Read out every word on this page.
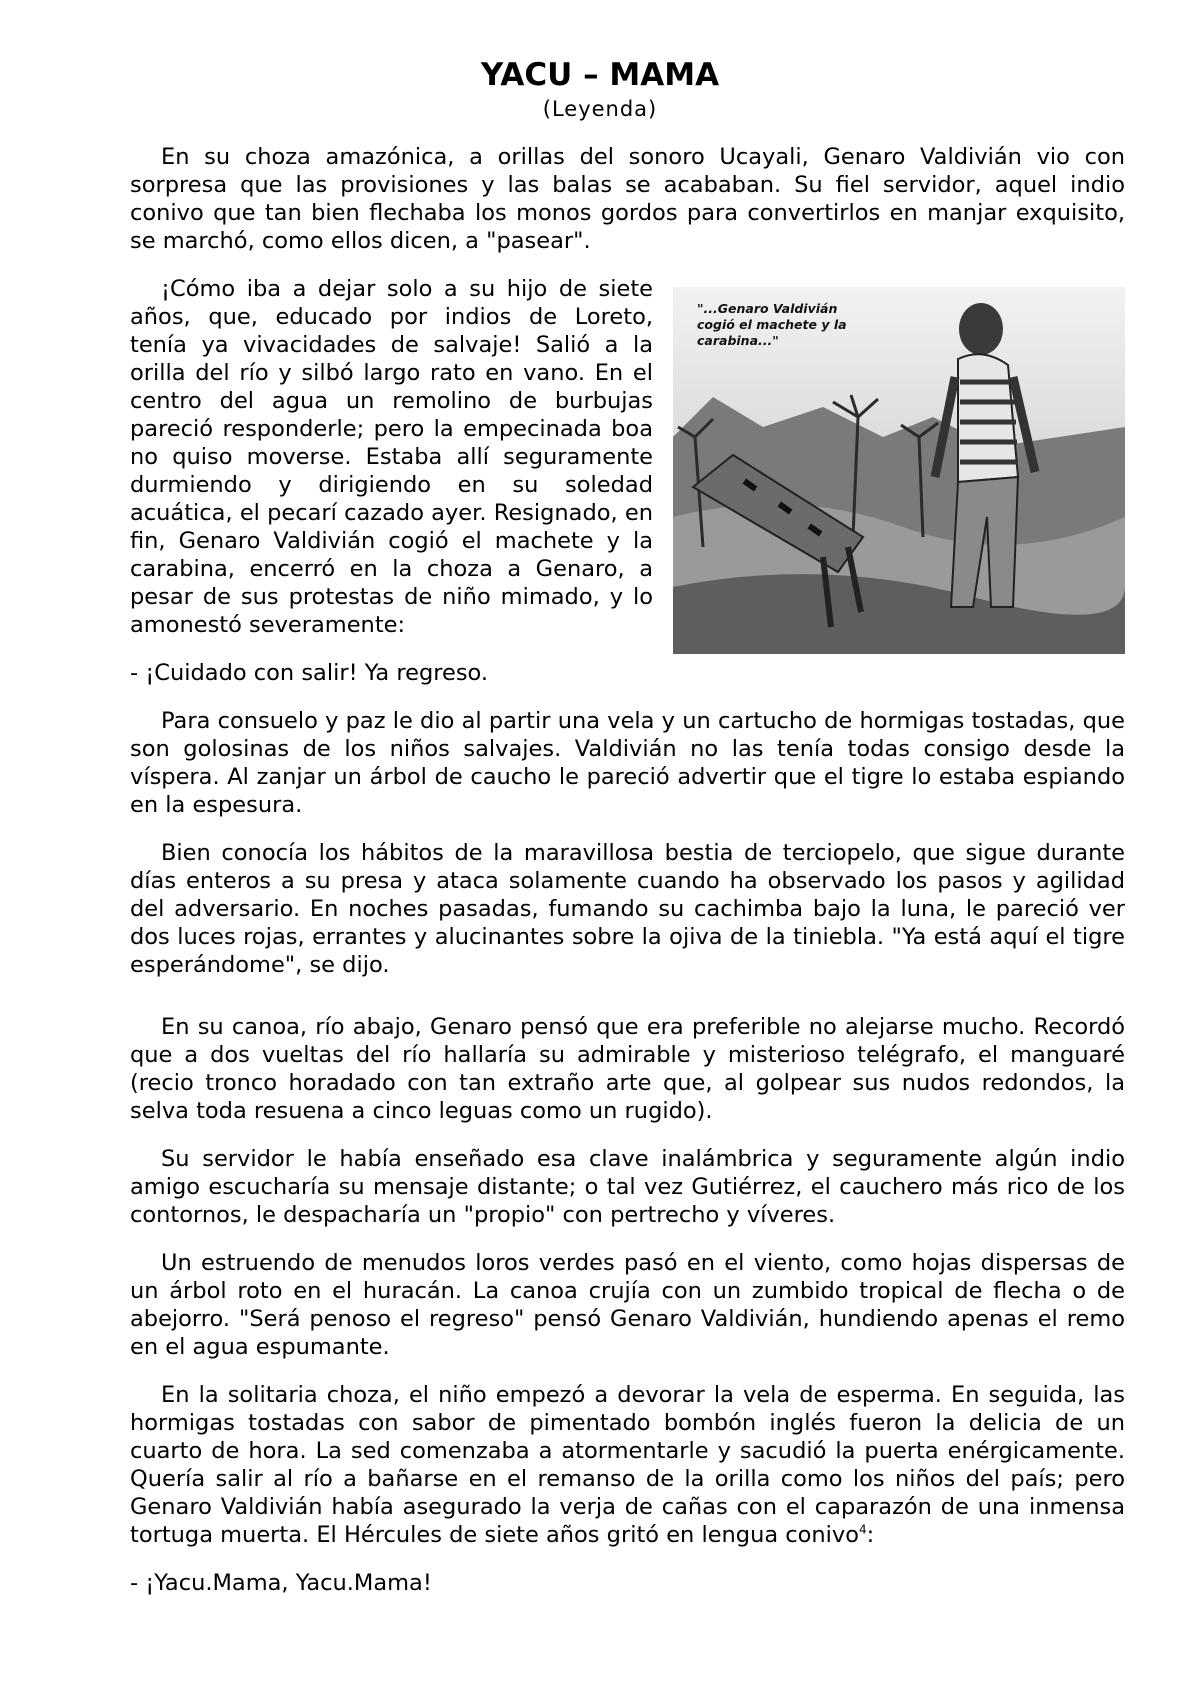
YACU – MAMA
(Leyenda)

En su choza amazónica, a orillas del sonoro Ucayali, Genaro Valdivián vio con sorpresa que las provisiones y las balas se acababan. Su fiel servidor, aquel indio conivo que tan bien flechaba los monos gordos para convertirlos en manjar exquisito, se marchó, como ellos dicen, a "pasear".

"...Genaro Valdivián cogió el machete y la carabina..."

¡Cómo iba a dejar solo a su hijo de siete años, que, educado por indios de Loreto, tenía ya vivacidades de salvaje! Salió a la orilla del río y silbó largo rato en vano. En el centro del agua un remolino de burbujas pareció responderle; pero la empecinada boa no quiso moverse. Estaba allí seguramente durmiendo y dirigiendo en su soledad acuática, el pecarí cazado ayer. Resignado, en fin, Genaro Valdivián cogió el machete y la carabina, encerró en la choza a Genaro, a pesar de sus protestas de niño mimado, y lo amonestó severamente:

- ¡Cuidado con salir! Ya regreso.

Para consuelo y paz le dio al partir una vela y un cartucho de hormigas tostadas, que son golosinas de los niños salvajes. Valdivián no las tenía todas consigo desde la víspera. Al zanjar un árbol de caucho le pareció advertir que el tigre lo estaba espiando en la espesura.

Bien conocía los hábitos de la maravillosa bestia de terciopelo, que sigue durante días enteros a su presa y ataca solamente cuando ha observado los pasos y agilidad del adversario. En noches pasadas, fumando su cachimba bajo la luna, le pareció ver dos luces rojas, errantes y alucinantes sobre la ojiva de la tiniebla. "Ya está aquí el tigre esperándome", se dijo.

En su canoa, río abajo, Genaro pensó que era preferible no alejarse mucho. Recordó que a dos vueltas del río hallaría su admirable y misterioso telégrafo, el manguaré (recio tronco horadado con tan extraño arte que, al golpear sus nudos redondos, la selva toda resuena a cinco leguas como un rugido).

Su servidor le había enseñado esa clave inalámbrica y seguramente algún indio amigo escucharía su mensaje distante; o tal vez Gutiérrez, el cauchero más rico de los contornos, le despacharía un "propio" con pertrecho y víveres.

Un estruendo de menudos loros verdes pasó en el viento, como hojas dispersas de un árbol roto en el huracán. La canoa crujía con un zumbido tropical de flecha o de abejorro. "Será penoso el regreso" pensó Genaro Valdivián, hundiendo apenas el remo en el agua espumante.

En la solitaria choza, el niño empezó a devorar la vela de esperma. En seguida, las hormigas tostadas con sabor de pimentado bombón inglés fueron la delicia de un cuarto de hora. La sed comenzaba a atormentarle y sacudió la puerta enérgicamente. Quería salir al río a bañarse en el remanso de la orilla como los niños del país; pero Genaro Valdivián había asegurado la verja de cañas con el caparazón de una inmensa tortuga muerta. El Hércules de siete años gritó en lengua conivo$^4$:

- ¡Yacu.Mama, Yacu.Mama!
